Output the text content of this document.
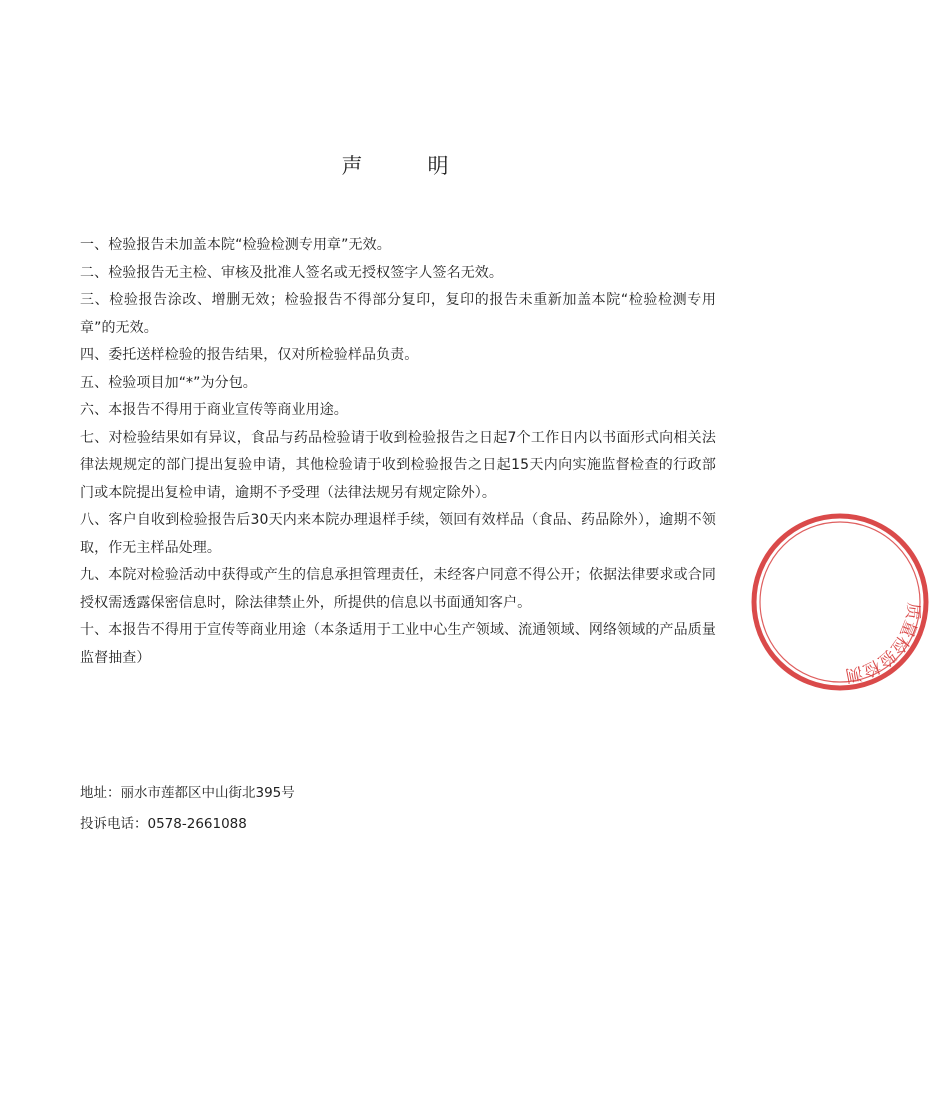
声　明
一、检验报告未加盖本院“检验检测专用章”无效。
二、检验报告无主检、审核及批准人签名或无授权签字人签名无效。
三、检验报告涂改、增删无效；检验报告不得部分复印，复印的报告未重新加盖本院“检验检测专用章”的无效。
四、委托送样检验的报告结果，仅对所检验样品负责。
五、检验项目加“*”为分包。
六、本报告不得用于商业宣传等商业用途。
七、对检验结果如有异议，食品与药品检验请于收到检验报告之日起7个工作日内以书面形式向相关法律法规规定的部门提出复验申请，其他检验请于收到检验报告之日起15天内向实施监督检查的行政部门或本院提出复检申请，逾期不予受理（法律法规另有规定除外）。
八、客户自收到检验报告后30天内来本院办理退样手续，领回有效样品（食品、药品除外），逾期不领取，作无主样品处理。
九、本院对检验活动中获得或产生的信息承担管理责任，未经客户同意不得公开；依据法律要求或合同授权需透露保密信息时，除法律禁止外，所提供的信息以书面通知客户。
十、本报告不得用于宣传等商业用途（本条适用于工业中心生产领域、流通领域、网络领域的产品质量监督抽查）
地址：丽水市莲都区中山街北395号
投诉电话：0578-2661088
质量检验检测
